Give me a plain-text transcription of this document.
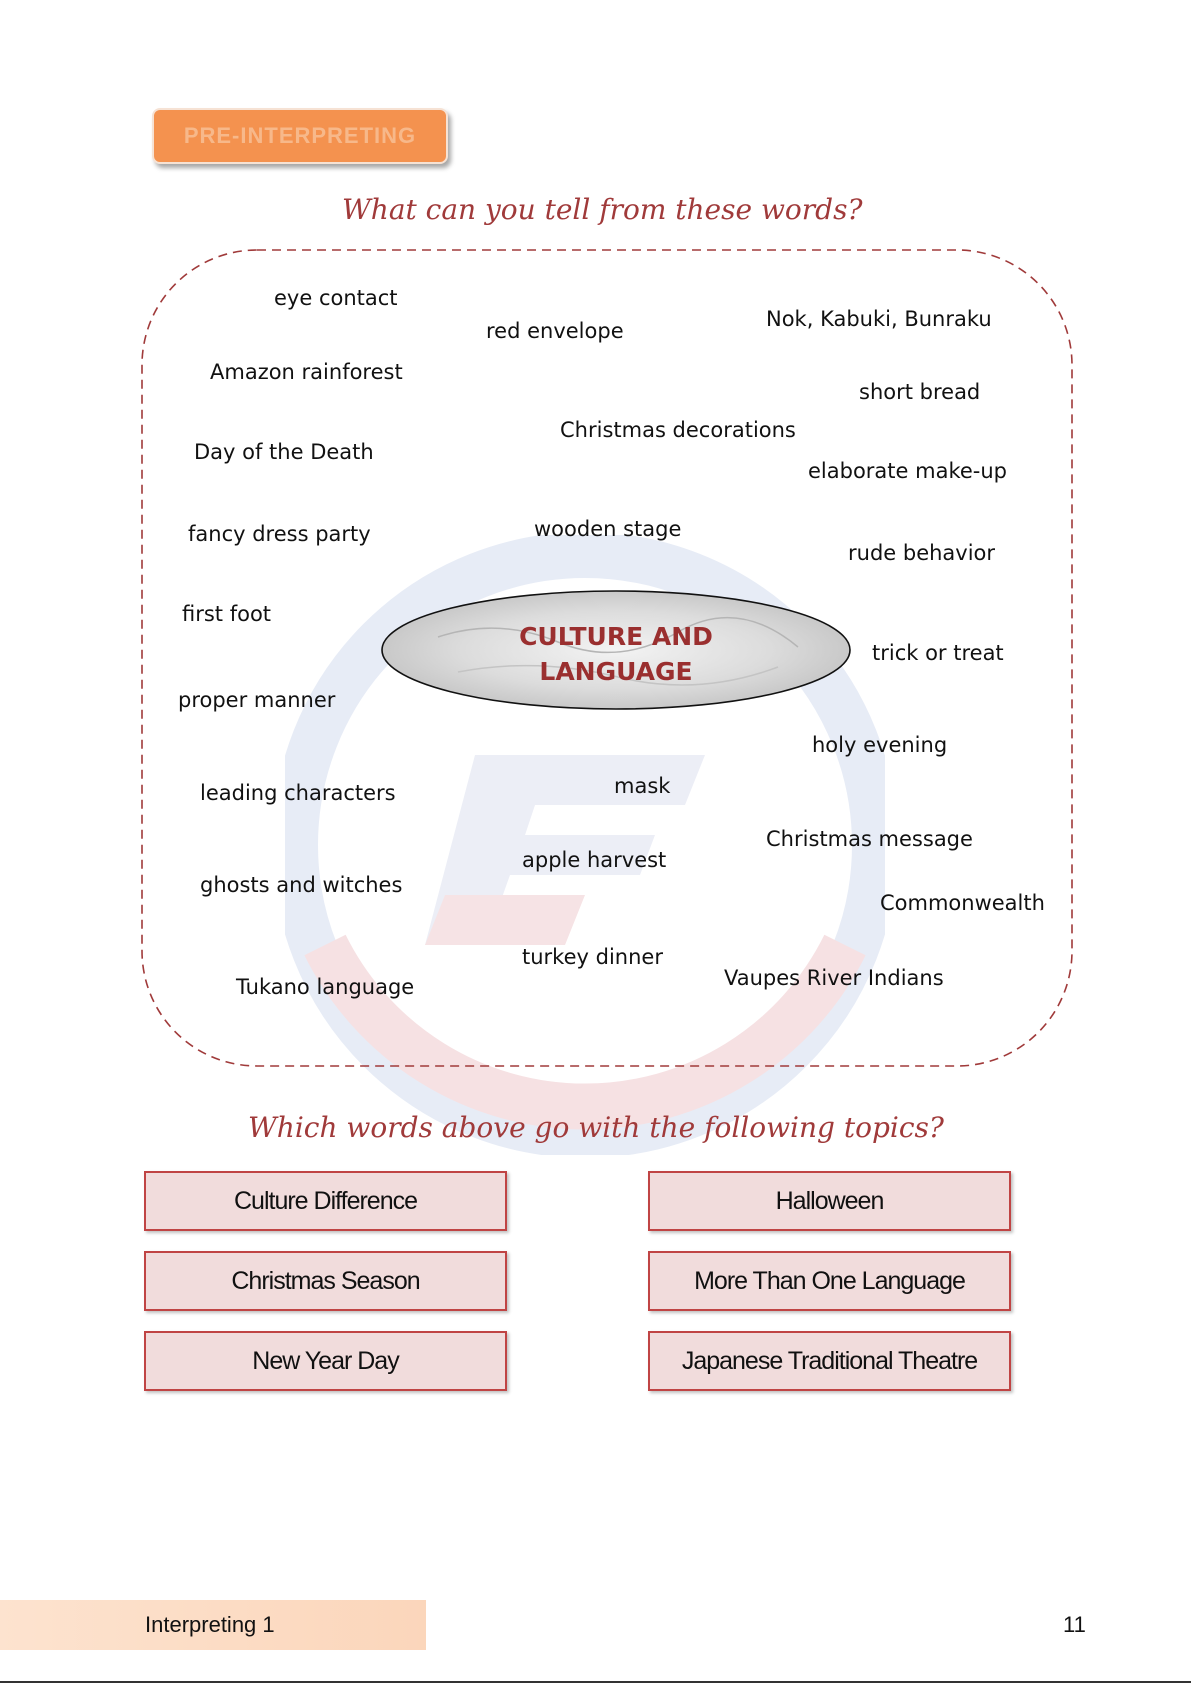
PRE-INTERPRETING
What can you tell from these words?
CULTURE AND
LANGUAGE
eye contact
red envelope	Nok, Kabuki, Bunraku
Amazon rainforest
short bread
Christmas decorations
Day of the Death
elaborate make-up
fancy dress party	wooden stage
rude behavior
first foot
trick or treat
proper manner
holy evening
leading characters	mask
Christmas message
apple harvest
ghosts and witches
Commonwealth
turkey dinner
Tukano language	Vaupes River Indians
Which words above go with the following topics?
Culture Difference	Halloween
Christmas Season	More Than One Language
New Year Day	Japanese Traditional Theatre
Interpreting 1	11
